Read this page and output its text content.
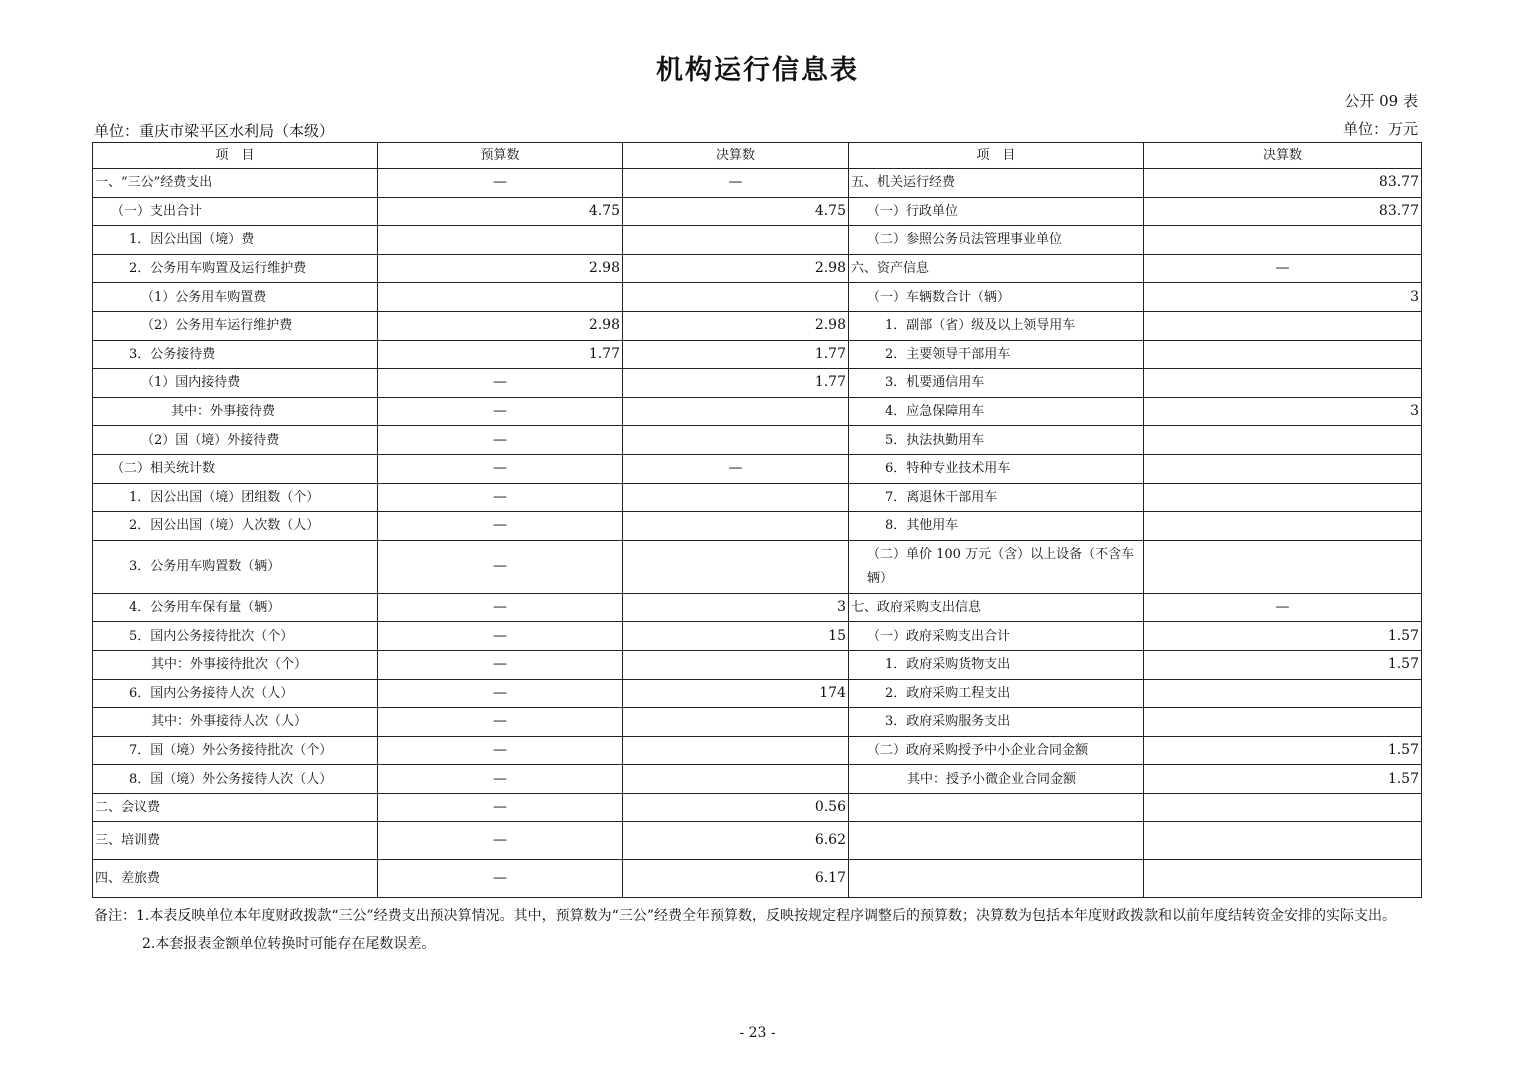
机构运行信息表
公开 09 表
单位：重庆市梁平区水利局（本级）	单位：万元
项　目	预算数	决算数	项　目	决算数
一、“三公”经费支出	—	—	五、机关运行经费	83.77
（一）支出合计	4.75	4.75	（一）行政单位	83.77
1．因公出国（境）费			（二）参照公务员法管理事业单位	
2．公务用车购置及运行维护费	2.98	2.98	六、资产信息	—
（1）公务用车购置费			（一）车辆数合计（辆）	3
（2）公务用车运行维护费	2.98	2.98	1．副部（省）级及以上领导用车	
3．公务接待费	1.77	1.77	2．主要领导干部用车	
（1）国内接待费	—	1.77	3．机要通信用车	
其中：外事接待费	—		4．应急保障用车	3
（2）国（境）外接待费	—		5．执法执勤用车	
（二）相关统计数	—	—	6．特种专业技术用车	
1．因公出国（境）团组数（个）	—		7．离退休干部用车	
2．因公出国（境）人次数（人）	—		8．其他用车	
3．公务用车购置数（辆）	—		（二）单价 100 万元（含）以上设备（不含车辆）	
4．公务用车保有量（辆）	—	3	七、政府采购支出信息	—
5．国内公务接待批次（个）	—	15	（一）政府采购支出合计	1.57
其中：外事接待批次（个）	—		1．政府采购货物支出	1.57
6．国内公务接待人次（人）	—	174	2．政府采购工程支出	
其中：外事接待人次（人）	—		3．政府采购服务支出	
7．国（境）外公务接待批次（个）	—		（二）政府采购授予中小企业合同金额	1.57
8．国（境）外公务接待人次（人）	—		其中：授予小微企业合同金额	1.57
二、会议费	—	0.56		
三、培训费	—	6.62		
四、差旅费	—	6.17		

备注：1.本表反映单位本年度财政拨款“三公”经费支出预决算情况。其中，预算数为“三公”经费全年预算数，反映按规定程序调整后的预算数；决算数为包括本年度财政拨款和以前年度结转资金安排的实际支出。

2.本套报表金额单位转换时可能存在尾数误差。

- 23 -
